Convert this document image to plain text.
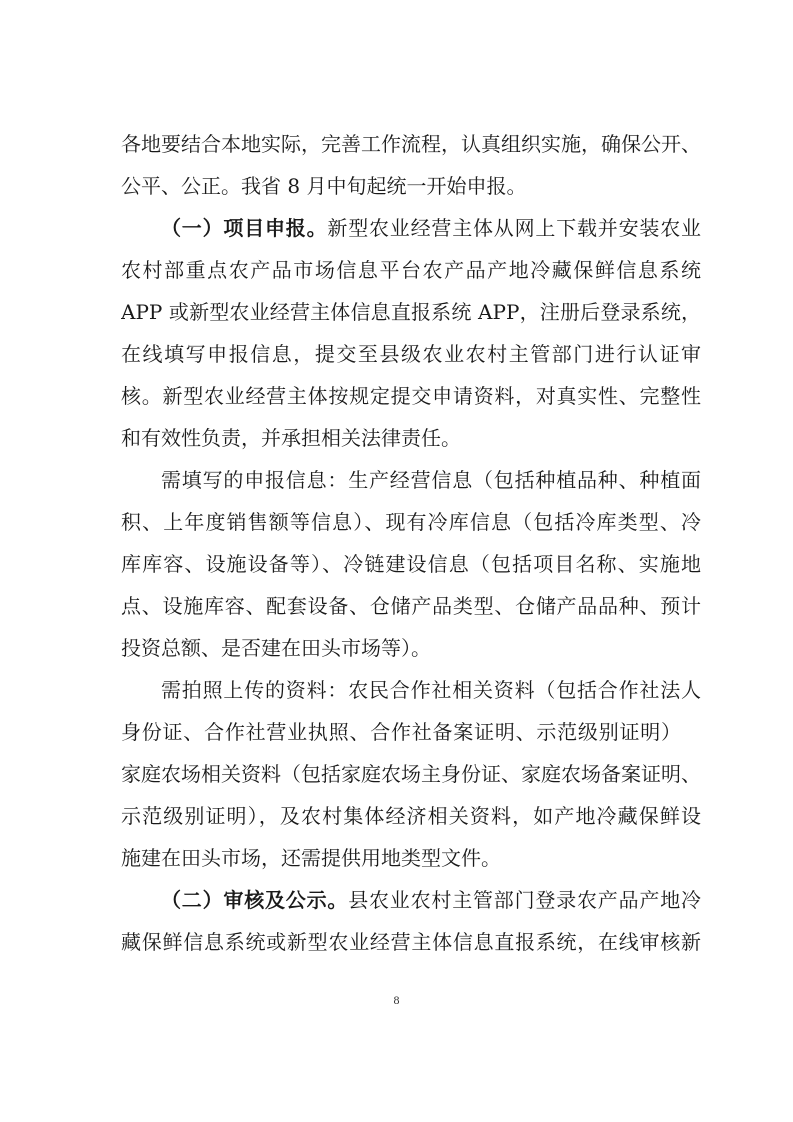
各地要结合本地实际，完善工作流程，认真组织实施，确保公开、
公平、公正。我省 8 月中旬起统一开始申报。
（一）项目申报。新型农业经营主体从网上下载并安装农业
农村部重点农产品市场信息平台农产品产地冷藏保鲜信息系统
APP 或新型农业经营主体信息直报系统 APP，注册后登录系统，
在线填写申报信息，提交至县级农业农村主管部门进行认证审
核。新型农业经营主体按规定提交申请资料，对真实性、完整性
和有效性负责，并承担相关法律责任。
需填写的申报信息：生产经营信息（包括种植品种、种植面
积、上年度销售额等信息）、现有冷库信息（包括冷库类型、冷
库库容、设施设备等）、冷链建设信息（包括项目名称、实施地
点、设施库容、配套设备、仓储产品类型、仓储产品品种、预计
投资总额、是否建在田头市场等）。
需拍照上传的资料：农民合作社相关资料（包括合作社法人
身份证、合作社营业执照、合作社备案证明、示范级别证明）
家庭农场相关资料（包括家庭农场主身份证、家庭农场备案证明、
示范级别证明），及农村集体经济相关资料，如产地冷藏保鲜设
施建在田头市场，还需提供用地类型文件。
（二）审核及公示。县农业农村主管部门登录农产品产地冷
藏保鲜信息系统或新型农业经营主体信息直报系统，在线审核新
8
